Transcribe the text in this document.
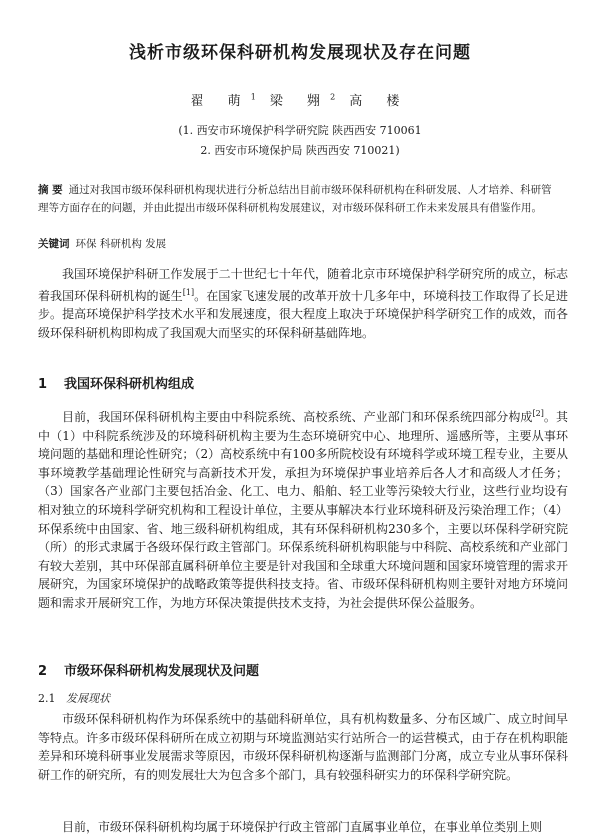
浅析市级环保科研机构发展现状及存在问题
翟 萌$^1$ 梁 翙$^2$ 高 楼
(1. 西安市环境保护科学研究院 陕西西安 710061
2. 西安市环境保护局 陕西西安 710021)
摘 要 通过对我国市级环保科研机构现状进行分析总结出目前市级环保科研机构在科研发展、人才培养、科研管理等方面存在的问题，并由此提出市级环保科研机构发展建议，对市级环保科研工作未来发展具有借鉴作用。
关键词 环保 科研机构 发展
我国环境保护科研工作发展于二十世纪七十年代，随着北京市环境保护科学研究所的成立，标志着我国环保科研机构的诞生[1]。在国家飞速发展的改革开放十几多年中，环境科技工作取得了长足进步。提高环境保护科学技术水平和发展速度，很大程度上取决于环境保护科学研究工作的成效，而各级环保科研机构即构成了我国观大而坚实的环保科研基础阵地。
1 我国环保科研机构组成
目前，我国环保科研机构主要由中科院系统、高校系统、产业部门和环保系统四部分构成[2]。其中（1）中科院系统涉及的环境科研机构主要为生态环境研究中心、地理所、遥感所等，主要从事环境问题的基础和理论性研究；（2）高校系统中有100多所院校设有环境科学或环境工程专业，主要从事环境教学基础理论性研究与高新技术开发，承担为环境保护事业培养后各人才和高级人才任务；（3）国家各产业部门主要包括冶金、化工、电力、船舶、轻工业等污染较大行业，这些行业均设有相对独立的环境科学研究机构和工程设计单位，主要从事解决本行业环境科研及污染治理工作；（4）环保系统中由国家、省、地三级科研机构组成，其有环保科研机构230多个，主要以环保科学研究院（所）的形式隶属于各级环保行政主管部门。环保系统科研机构职能与中科院、高校系统和产业部门有较大差别，其中环保部直属科研单位主要是针对我国和全球重大环境问题和国家环境管理的需求开展研究，为国家环境保护的战略政策等提供科技支持。省、市级环保科研机构则主要针对地方环境问题和需求开展研究工作，为地方环保决策提供技术支持，为社会提供环保公益服务。
2 市级环保科研机构发展现状及问题
2.1 发展现状
市级环保科研机构作为环保系统中的基础科研单位，具有机构数量多、分布区域广、成立时间早等特点。许多市级环保科研所在成立初期与环境监测站实行站所合一的运营模式，由于存在机构职能差异和环境科研事业发展需求等原因，市级环保科研机构逐渐与监测部门分离，成立专业从事环保科研工作的研究所，有的则发展壮大为包含多个部门，具有较强科研实力的环保科学研究院。
目前，市级环保科研机构均属于环境保护行政主管部门直属事业单位，在事业单位类别上则
